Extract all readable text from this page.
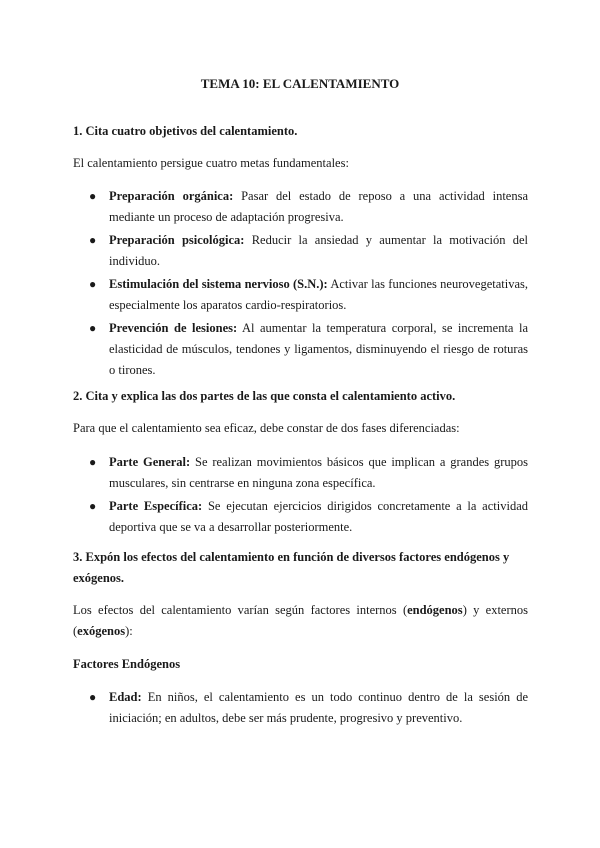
TEMA 10: EL CALENTAMIENTO
1. Cita cuatro objetivos del calentamiento.
El calentamiento persigue cuatro metas fundamentales:
● Preparación orgánica: Pasar del estado de reposo a una actividad intensa mediante un proceso de adaptación progresiva.
● Preparación psicológica: Reducir la ansiedad y aumentar la motivación del individuo.
● Estimulación del sistema nervioso (S.N.): Activar las funciones neurovegetativas, especialmente los aparatos cardio-respiratorios.
● Prevención de lesiones: Al aumentar la temperatura corporal, se incrementa la elasticidad de músculos, tendones y ligamentos, disminuyendo el riesgo de roturas o tirones.
2. Cita y explica las dos partes de las que consta el calentamiento activo.
Para que el calentamiento sea eficaz, debe constar de dos fases diferenciadas:
● Parte General: Se realizan movimientos básicos que implican a grandes grupos musculares, sin centrarse en ninguna zona específica.
● Parte Específica: Se ejecutan ejercicios dirigidos concretamente a la actividad deportiva que se va a desarrollar posteriormente.
3. Expón los efectos del calentamiento en función de diversos factores endógenos y exógenos.
Los efectos del calentamiento varían según factores internos (endógenos) y externos (exógenos):
Factores Endógenos
● Edad: En niños, el calentamiento es un todo continuo dentro de la sesión de iniciación; en adultos, debe ser más prudente, progresivo y preventivo.
